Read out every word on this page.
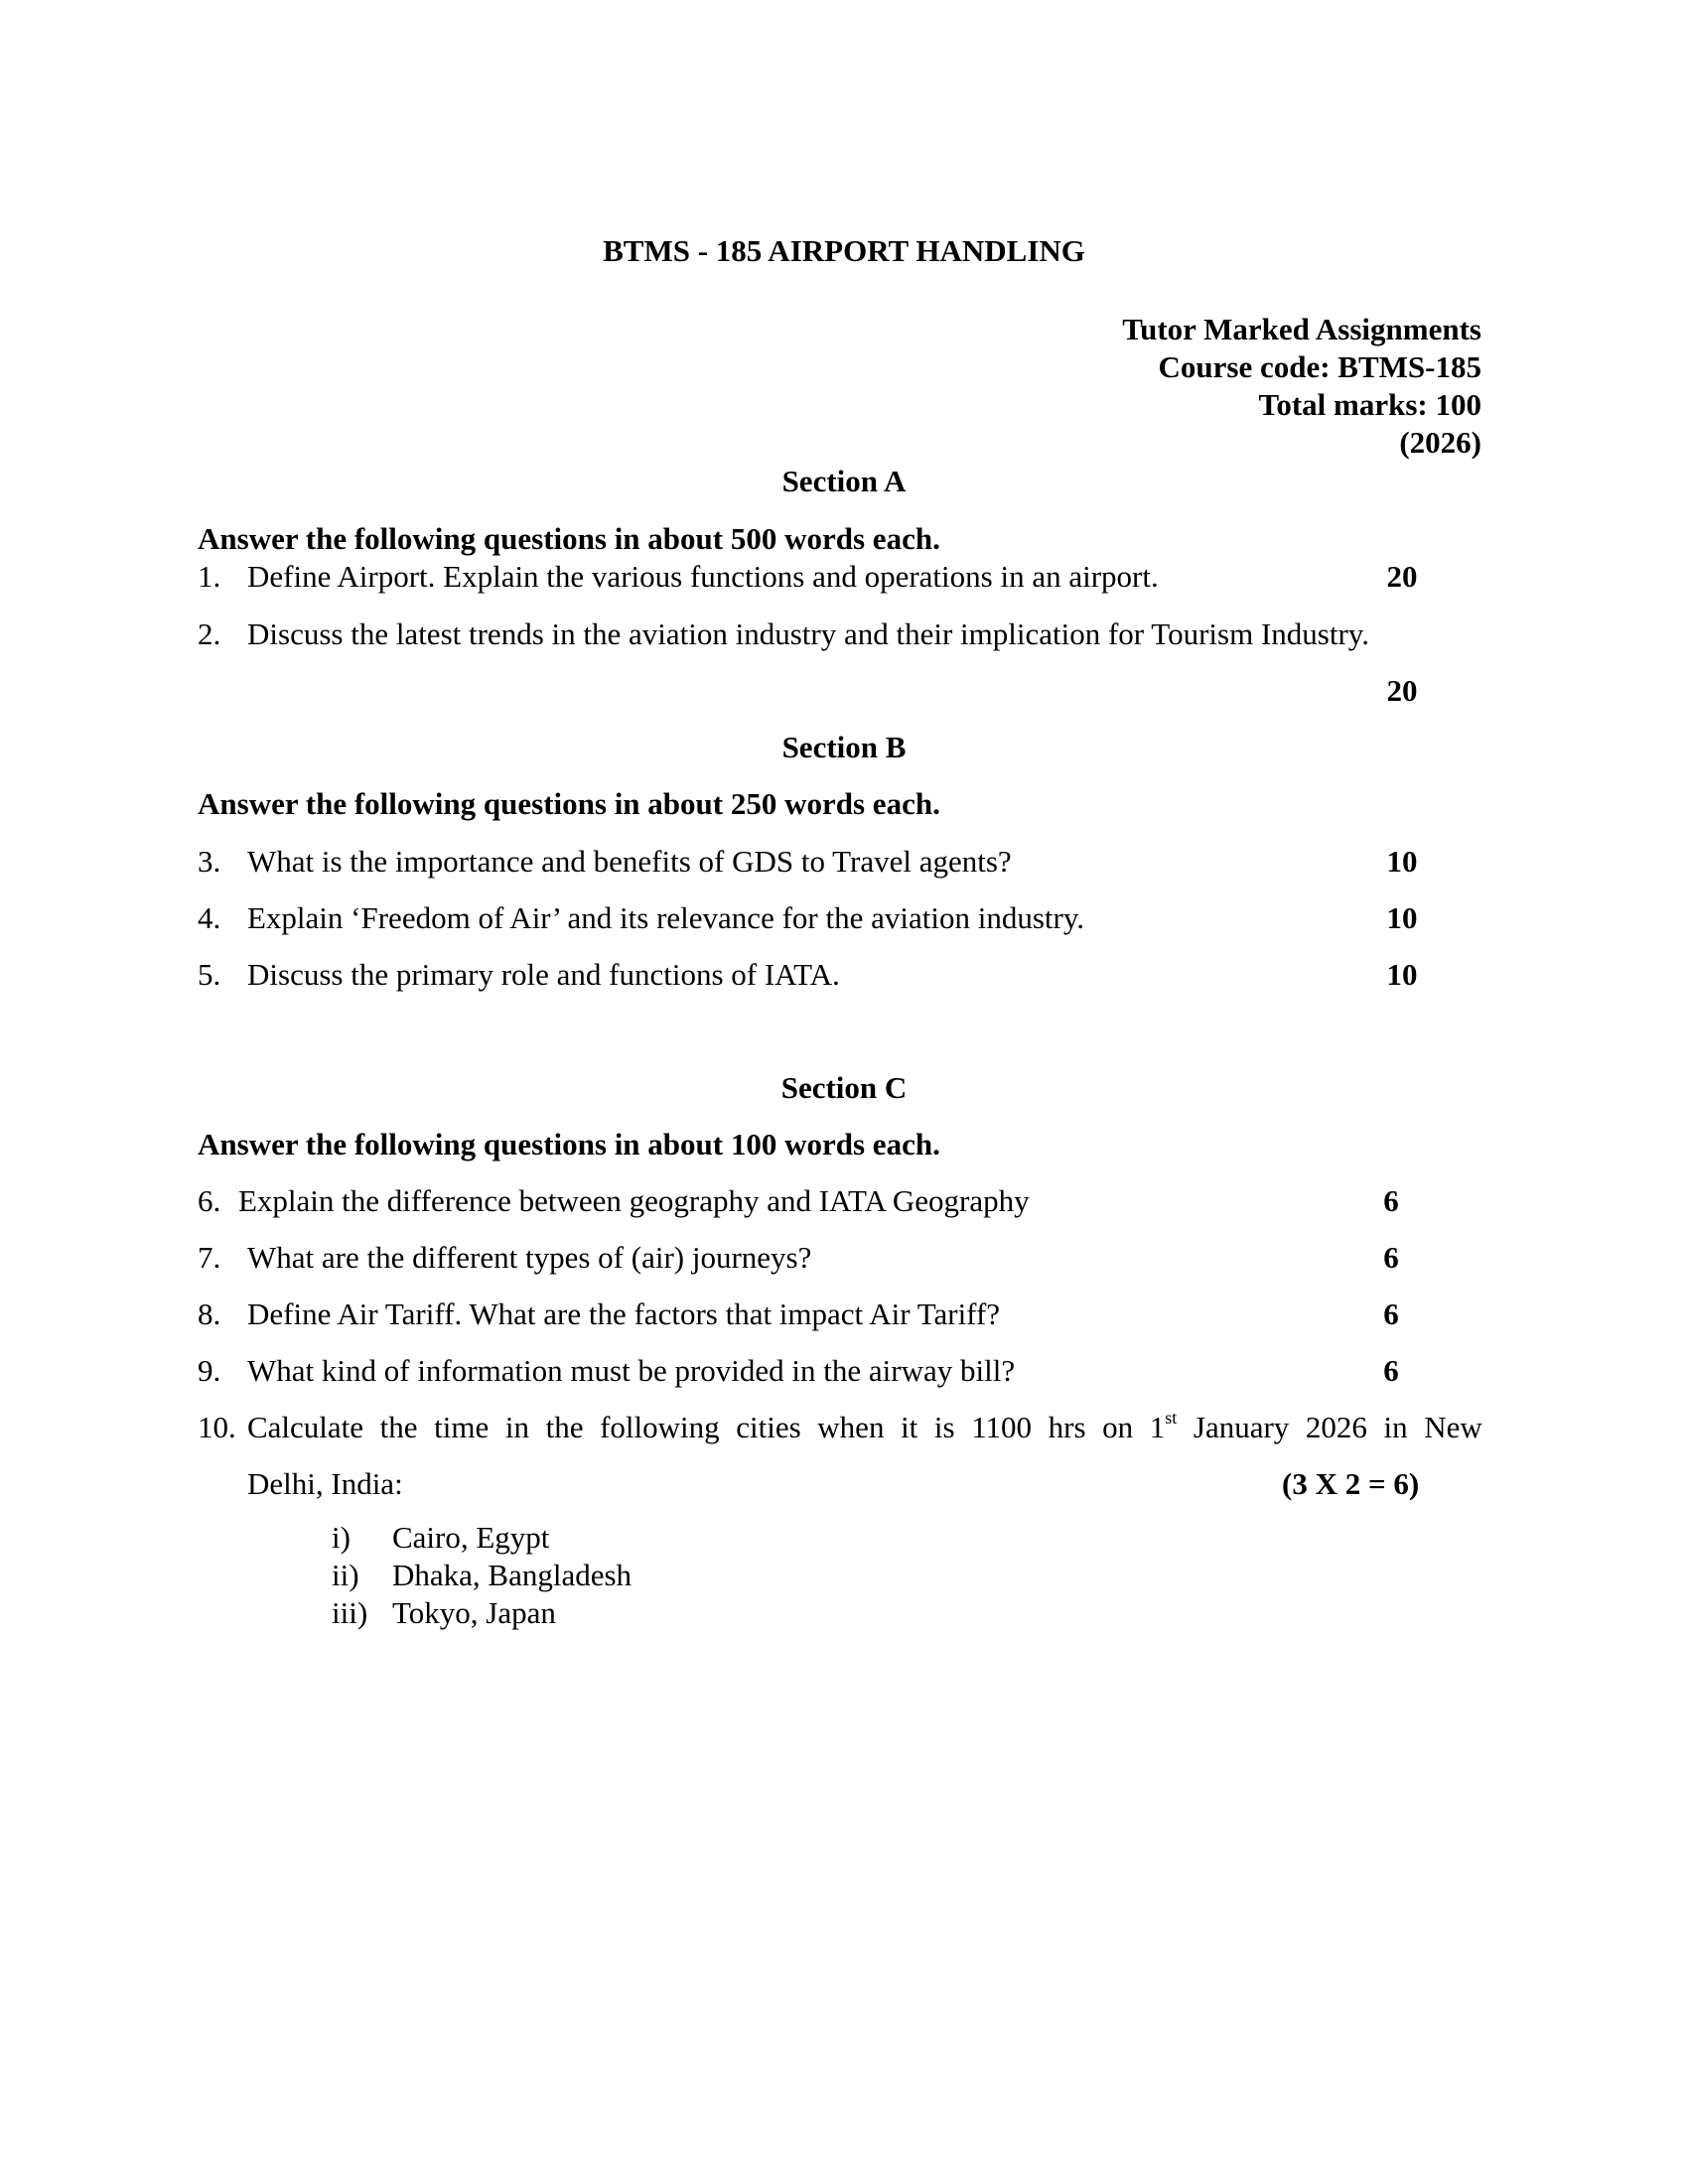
BTMS - 185 AIRPORT HANDLING
Tutor Marked Assignments
Course code: BTMS-185
Total marks: 100
(2026)
Section A
Answer the following questions in about 500 words each.
1. Define Airport. Explain the various functions and operations in an airport.	20
2. Discuss the latest trends in the aviation industry and their implication for Tourism Industry.
20
Section B
Answer the following questions in about 250 words each.
3. What is the importance and benefits of GDS to Travel agents?	10
4. Explain ‘Freedom of Air’ and its relevance for the aviation industry.	10
5. Discuss the primary role and functions of IATA.	10
Section C
Answer the following questions in about 100 words each.
6. Explain the difference between geography and IATA Geography	6
7. What are the different types of (air) journeys?	6
8. Define Air Tariff. What are the factors that impact Air Tariff?	6
9. What kind of information must be provided in the airway bill?	6
10. Calculate the time in the following cities when it is 1100 hrs on 1st January 2026 in New
Delhi, India:	(3 X 2 = 6)
i) Cairo, Egypt
ii) Dhaka, Bangladesh
iii) Tokyo, Japan
